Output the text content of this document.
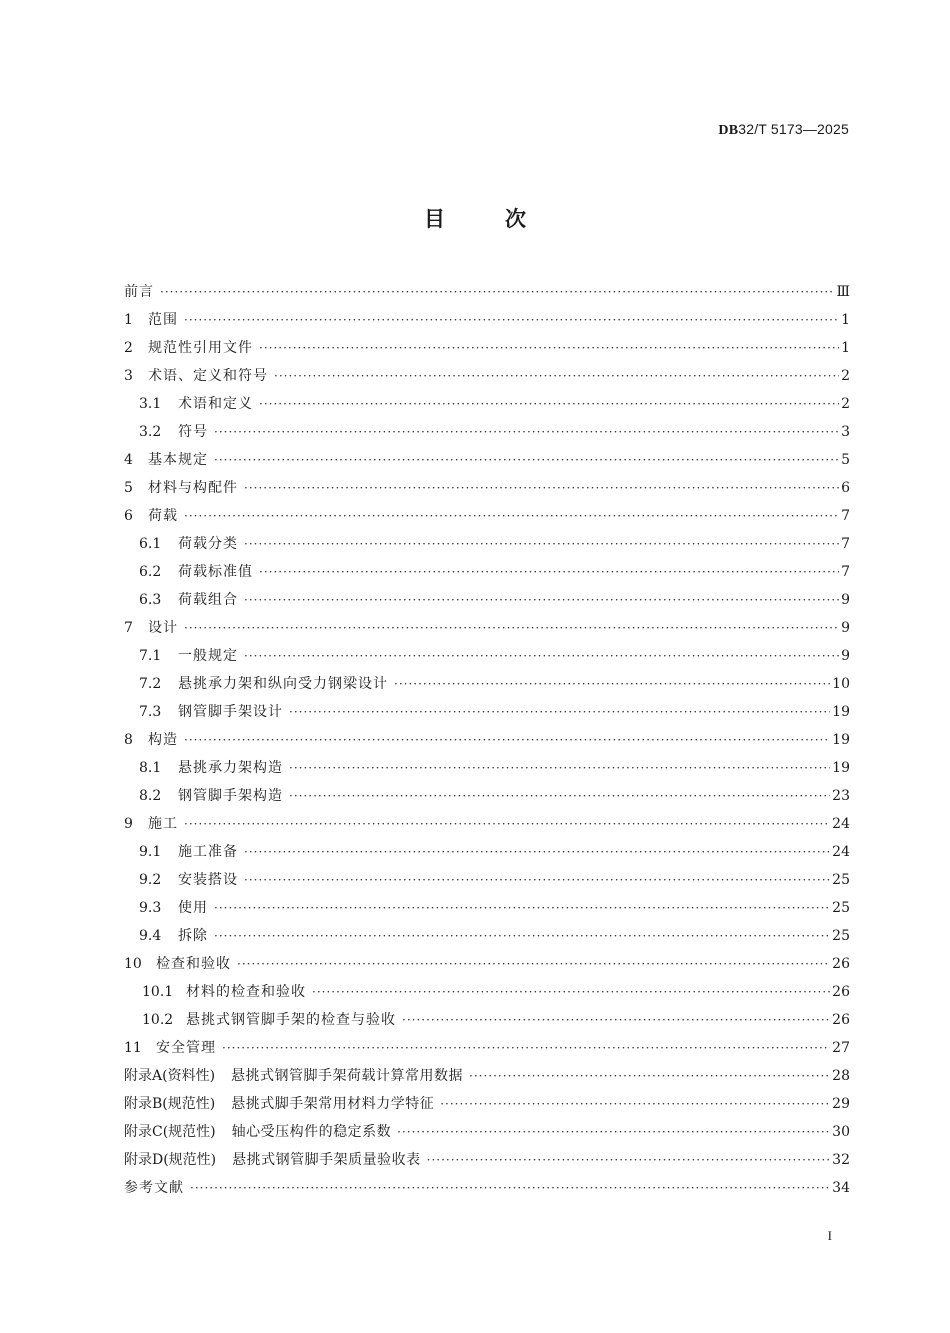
DB32/T 5173—2025
目次
前言 ·····	Ⅲ
1	范围 ·····	1
2	规范性引用文件 ·····	1
3	术语、定义和符号 ·····	2
3.1	术语和定义 ·····	2
3.2	符号 ·····	3
4	基本规定 ·····	5
5	材料与构配件 ·····	6
6	荷载 ·····	7
6.1	荷载分类 ·····	7
6.2	荷载标准值 ·····	7
6.3	荷载组合 ·····	9
7	设计 ·····	9
7.1	一般规定 ·····	9
7.2	悬挑承力架和纵向受力钢梁设计 ·····	10
7.3	钢管脚手架设计 ·····	19
8	构造 ·····	19
8.1	悬挑承力架构造 ·····	19
8.2	钢管脚手架构造 ·····	23
9	施工 ·····	24
9.1	施工准备 ·····	24
9.2	安装搭设 ·····	25
9.3	使用 ·····	25
9.4	拆除 ·····	25
10	检查和验收 ·····	26
10.1 材料的检查和验收 ·····	26
10.2 悬挑式钢管脚手架的检查与验收 ·····	26
11	安全管理 ·····	27
附录A(资料性) 悬挑式钢管脚手架荷载计算常用数据 ·····	28
附录B(规范性) 悬挑式脚手架常用材料力学特征 ·····	29
附录C(规范性) 轴心受压构件的稳定系数 ·····	30
附录D(规范性) 悬挑式钢管脚手架质量验收表 ·····	32
参考文献 ·····	34
I
